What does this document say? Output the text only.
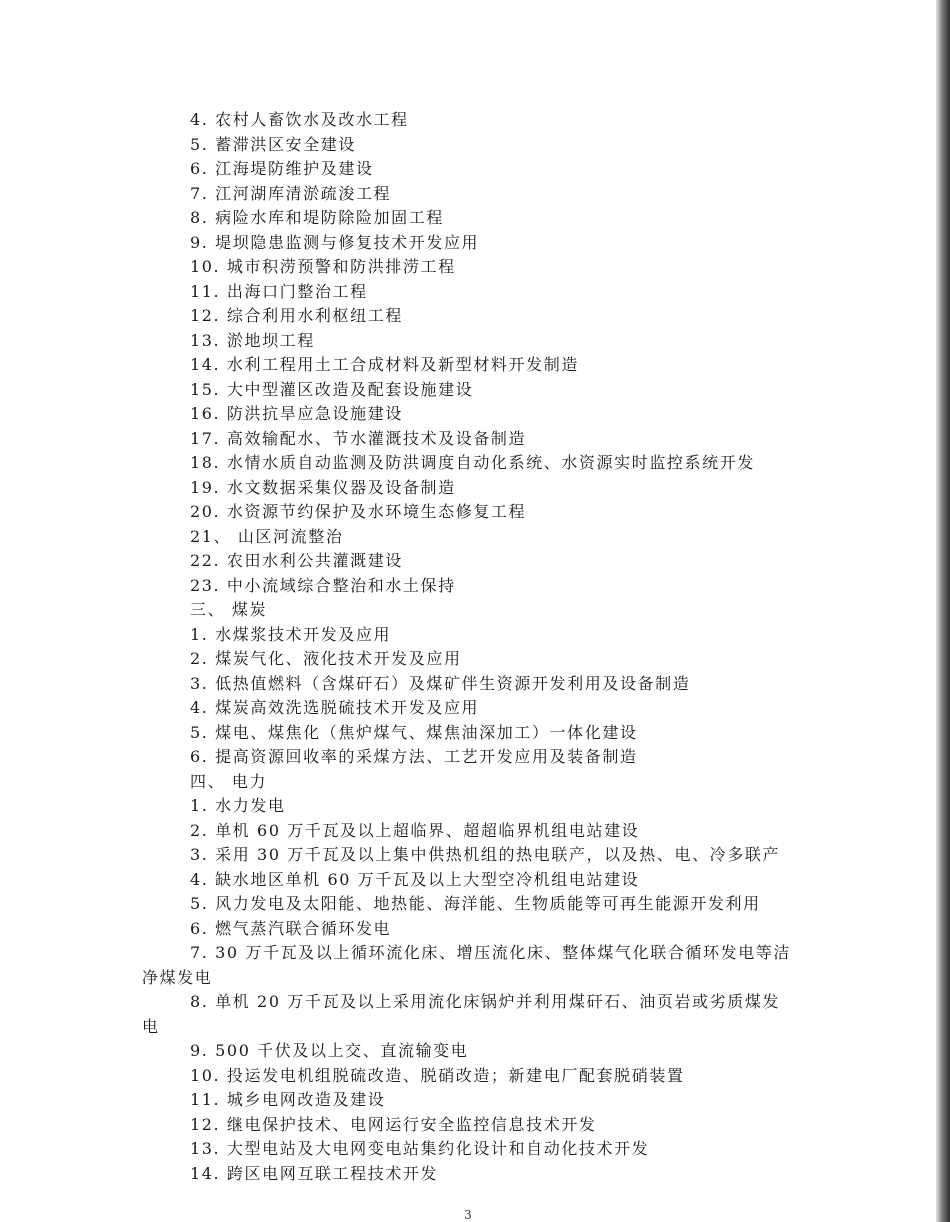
4. 农村人畜饮水及改水工程
5. 蓄滞洪区安全建设
6. 江海堤防维护及建设
7. 江河湖库清淤疏浚工程
8. 病险水库和堤防除险加固工程
9. 堤坝隐患监测与修复技术开发应用
10. 城市积涝预警和防洪排涝工程
11. 出海口门整治工程
12. 综合利用水利枢纽工程
13. 淤地坝工程
14. 水利工程用土工合成材料及新型材料开发制造
15. 大中型灌区改造及配套设施建设
16. 防洪抗旱应急设施建设
17. 高效输配水、节水灌溉技术及设备制造
18. 水情水质自动监测及防洪调度自动化系统、水资源实时监控系统开发
19. 水文数据采集仪器及设备制造
20. 水资源节约保护及水环境生态修复工程
21、 山区河流整治
22. 农田水利公共灌溉建设
23. 中小流域综合整治和水土保持
三、 煤炭
1. 水煤浆技术开发及应用
2. 煤炭气化、液化技术开发及应用
3. 低热值燃料（含煤矸石）及煤矿伴生资源开发利用及设备制造
4. 煤炭高效洗选脱硫技术开发及应用
5. 煤电、煤焦化（焦炉煤气、煤焦油深加工）一体化建设
6. 提高资源回收率的采煤方法、工艺开发应用及装备制造
四、 电力
1. 水力发电
2. 单机 60 万千瓦及以上超临界、超超临界机组电站建设
3. 采用 30 万千瓦及以上集中供热机组的热电联产，以及热、电、冷多联产
4. 缺水地区单机 60 万千瓦及以上大型空冷机组电站建设
5. 风力发电及太阳能、地热能、海洋能、生物质能等可再生能源开发利用
6. 燃气蒸汽联合循环发电
7. 30 万千瓦及以上循环流化床、增压流化床、整体煤气化联合循环发电等洁净煤发电
8. 单机 20 万千瓦及以上采用流化床锅炉并利用煤矸石、油页岩或劣质煤发电
9. 500 千伏及以上交、直流输变电
10. 投运发电机组脱硫改造、脱硝改造；新建电厂配套脱硝装置
11. 城乡电网改造及建设
12. 继电保护技术、电网运行安全监控信息技术开发
13. 大型电站及大电网变电站集约化设计和自动化技术开发
14. 跨区电网互联工程技术开发
3
